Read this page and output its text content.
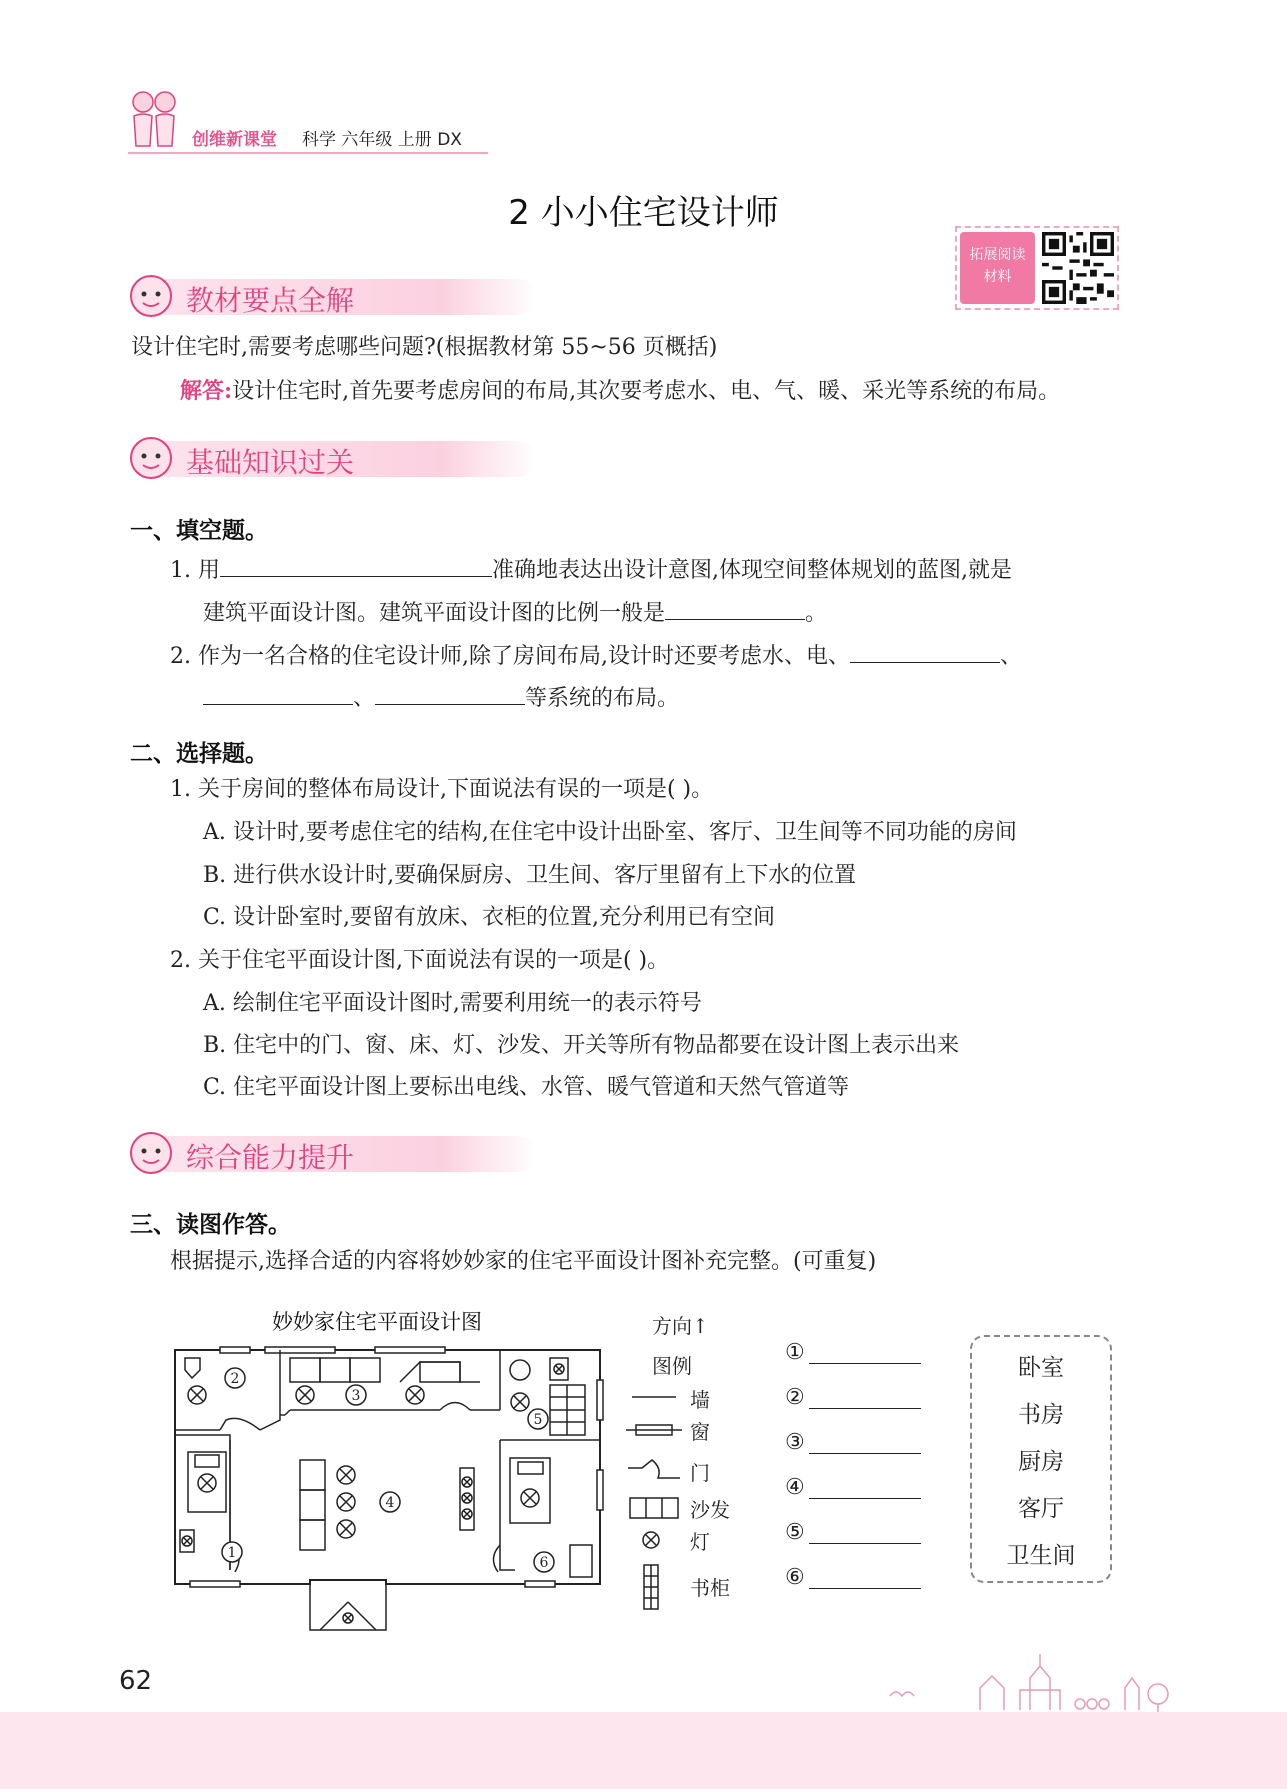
创维新课堂 科学 六年级 上册 DX
2 小小住宅设计师
拓展阅读
材料
教材要点全解
设计住宅时,需要考虑哪些问题?(根据教材第 55~56 页概括)
解答:设计住宅时,首先要考虑房间的布局,其次要考虑水、电、气、暖、采光等系统的布局。
基础知识过关
一、填空题。
1. 用	准确地表达出设计意图,体现空间整体规划的蓝图,就是
建筑平面设计图。建筑平面设计图的比例一般是	。
2. 作为一名合格的住宅设计师,除了房间布局,设计时还要考虑水、电、	、
、	等系统的布局。
二、选择题。
1. 关于房间的整体布局设计,下面说法有误的一项是( )。
A. 设计时,要考虑住宅的结构,在住宅中设计出卧室、客厅、卫生间等不同功能的房间
B. 进行供水设计时,要确保厨房、卫生间、客厅里留有上下水的位置
C. 设计卧室时,要留有放床、衣柜的位置,充分利用已有空间
2. 关于住宅平面设计图,下面说法有误的一项是( )。
A. 绘制住宅平面设计图时,需要利用统一的表示符号
B. 住宅中的门、窗、床、灯、沙发、开关等所有物品都要在设计图上表示出来
C. 住宅平面设计图上要标出电线、水管、暖气管道和天然气管道等
综合能力提升
三、读图作答。
根据提示,选择合适的内容将妙妙家的住宅平面设计图补充完整。(可重复)
妙妙家住宅平面设计图
2
3
4
5
1
6
方向↑
图例
墙
窗
门
沙发
灯
书柜
①
②
③
④
⑤
⑥
卧室
书房
厨房
客厅
卫生间
62
